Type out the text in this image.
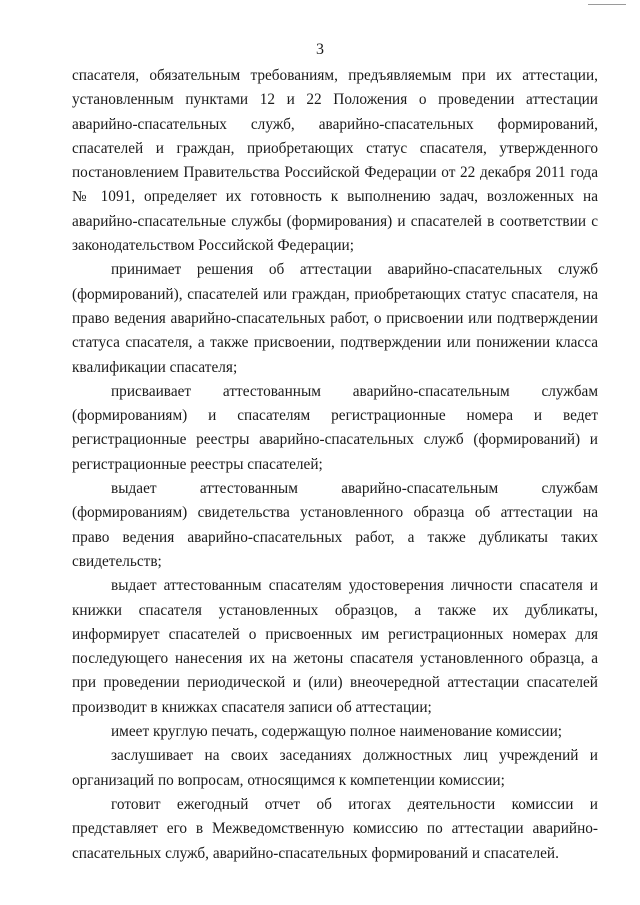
3

спасателя, обязательным требованиям, предъявляемым при их аттестации, установленным пунктами 12 и 22 Положения о проведении аттестации аварийно-спасательных служб, аварийно-спасательных формирований, спасателей и граждан, приобретающих статус спасателя, утвержденного постановлением Правительства Российской Федерации от 22 декабря 2011 года № 1091, определяет их готовность к выполнению задач, возложенных на аварийно-спасательные службы (формирования) и спасателей в соответствии с законодательством Российской Федерации;

принимает решения об аттестации аварийно-спасательных служб (формирований), спасателей или граждан, приобретающих статус спасателя, на право ведения аварийно-спасательных работ, о присвоении или подтверждении статуса спасателя, а также присвоении, подтверждении или понижении класса квалификации спасателя;

присваивает аттестованным аварийно-спасательным службам (формированиям) и спасателям регистрационные номера и ведет регистрационные реестры аварийно-спасательных служб (формирований) и регистрационные реестры спасателей;

выдает аттестованным аварийно-спасательным службам (формированиям) свидетельства установленного образца об аттестации на право ведения аварийно-спасательных работ, а также дубликаты таких свидетельств;

выдает аттестованным спасателям удостоверения личности спасателя и книжки спасателя установленных образцов, а также их дубликаты, информирует спасателей о присвоенных им регистрационных номерах для последующего нанесения их на жетоны спасателя установленного образца, а при проведении периодической и (или) внеочередной аттестации спасателей производит в книжках спасателя записи об аттестации;

имеет круглую печать, содержащую полное наименование комиссии;

заслушивает на своих заседаниях должностных лиц учреждений и организаций по вопросам, относящимся к компетенции комиссии;

готовит ежегодный отчет об итогах деятельности комиссии и представляет его в Межведомственную комиссию по аттестации аварийно- спасательных служб, аварийно-спасательных формирований и спасателей.
